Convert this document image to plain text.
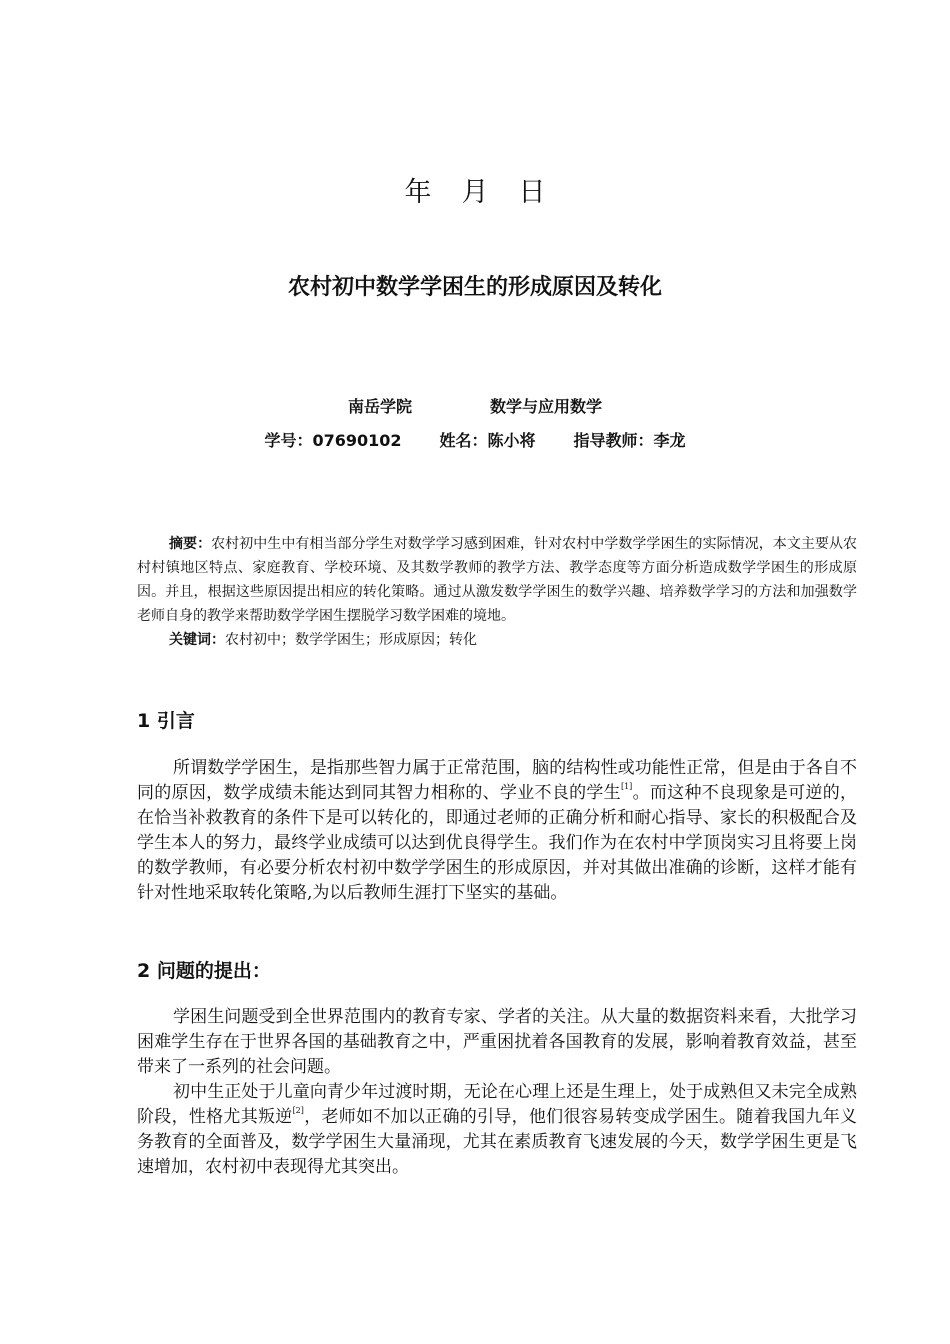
年 月 日
农村初中数学学困生的形成原因及转化
南岳学院	数学与应用数学
学号：07690102 姓名：陈小将 指导教师：李龙

摘要：农村初中生中有相当部分学生对数学学习感到困难，针对农村中学数学学困生的实际情况，本文主要从农村村镇地区特点、家庭教育、学校环境、及其数学教师的教学方法、教学态度等方面分析造成数学学困生的形成原因。并且，根据这些原因提出相应的转化策略。通过从激发数学学困生的数学兴趣、培养数学学习的方法和加强数学老师自身的教学来帮助数学学困生摆脱学习数学困难的境地。

关键词：农村初中；数学学困生；形成原因；转化

1 引言

所谓数学学困生，是指那些智力属于正常范围，脑的结构性或功能性正常，但是由于各自不同的原因，数学成绩未能达到同其智力相称的、学业不良的学生[1]。而这种不良现象是可逆的，在恰当补救教育的条件下是可以转化的，即通过老师的正确分析和耐心指导、家长的积极配合及学生本人的努力，最终学业成绩可以达到优良得学生。我们作为在农村中学顶岗实习且将要上岗的数学教师，有必要分析农村初中数学学困生的形成原因，并对其做出准确的诊断，这样才能有针对性地采取转化策略,为以后教师生涯打下坚实的基础。

2 问题的提出：

学困生问题受到全世界范围内的教育专家、学者的关注。从大量的数据资料来看，大批学习困难学生存在于世界各国的基础教育之中，严重困扰着各国教育的发展，影响着教育效益，甚至带来了一系列的社会问题。

初中生正处于儿童向青少年过渡时期，无论在心理上还是生理上，处于成熟但又未完全成熟阶段，性格尤其叛逆[2]，老师如不加以正确的引导，他们很容易转变成学困生。随着我国九年义务教育的全面普及，数学学困生大量涌现，尤其在素质教育飞速发展的今天，数学学困生更是飞速增加，农村初中表现得尤其突出。
